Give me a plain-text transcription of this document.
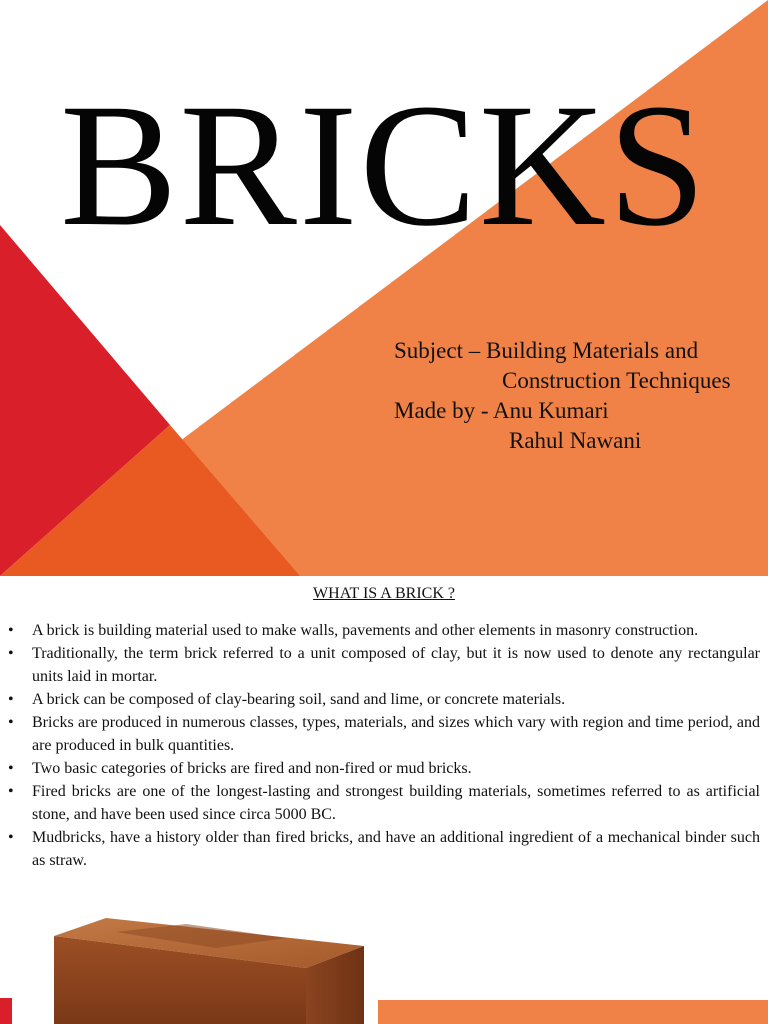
BRICKS
Subject – Building Materials and
Construction Techniques
Made by - Anu Kumari
Rahul Nawani
WHAT IS A BRICK ?
• A brick is building material used to make walls, pavements and other elements in masonry construction.
• Traditionally, the term brick referred to a unit composed of clay, but it is now used to denote any rectangular units laid in mortar.
• A brick can be composed of clay-bearing soil, sand and lime, or concrete materials.
• Bricks are produced in numerous classes, types, materials, and sizes which vary with region and time period, and are produced in bulk quantities.
• Two basic categories of bricks are fired and non-fired or mud bricks.
• Fired bricks are one of the longest-lasting and strongest building materials, sometimes referred to as artificial stone, and have been used since circa 5000 BC.
• Mudbricks, have a history older than fired bricks, and have an additional ingredient of a mechanical binder such as straw.
